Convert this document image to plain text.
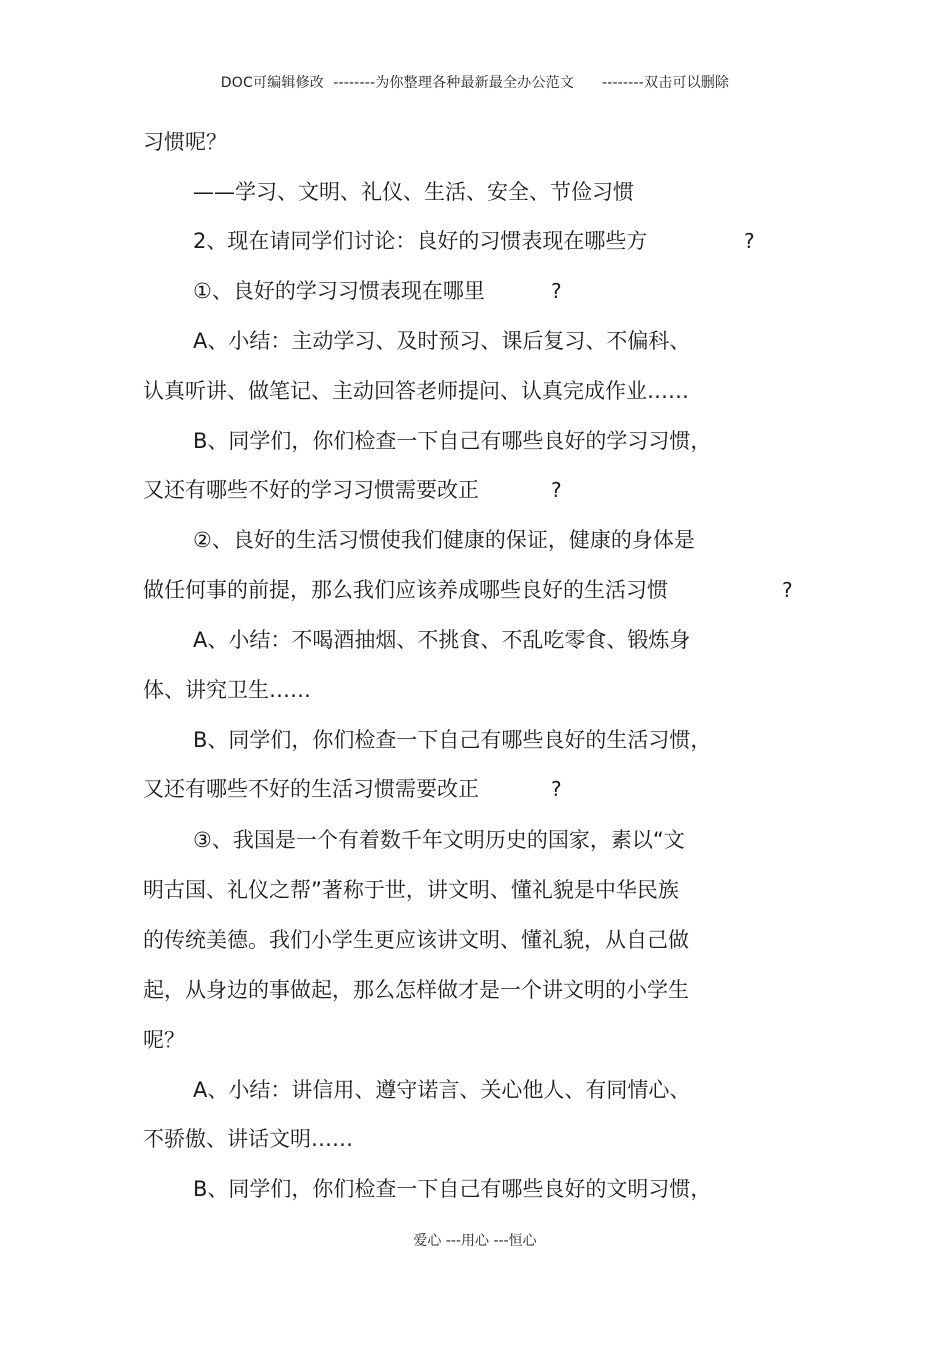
DOC可编辑修改  --------为你整理各种最新最全办公范文      --------双击可以删除
习惯呢？
——学习、文明、礼仪、生活、安全、节俭习惯
2、现在请同学们讨论：良好的习惯表现在哪些方	?
①、良好的学习习惯表现在哪里	?
A、小结：主动学习、及时预习、课后复习、不偏科、
认真听讲、做笔记、主动回答老师提问、认真完成作业……
B、同学们，你们检查一下自己有哪些良好的学习习惯，
又还有哪些不好的学习习惯需要改正	?
②、良好的生活习惯使我们健康的保证，健康的身体是
做任何事的前提，那么我们应该养成哪些良好的生活习惯	?
A、小结：不喝酒抽烟、不挑食、不乱吃零食、锻炼身
体、讲究卫生……
B、同学们，你们检查一下自己有哪些良好的生活习惯，
又还有哪些不好的生活习惯需要改正	?
③、我国是一个有着数千年文明历史的国家，素以“文
明古国、礼仪之帮”著称于世，讲文明、懂礼貌是中华民族
的传统美德。我们小学生更应该讲文明、懂礼貌，从自己做
起，从身边的事做起，那么怎样做才是一个讲文明的小学生
呢？
A、小结：讲信用、遵守诺言、关心他人、有同情心、
不骄傲、讲话文明……
B、同学们，你们检查一下自己有哪些良好的文明习惯，
爱心 ---用心 ---恒心
